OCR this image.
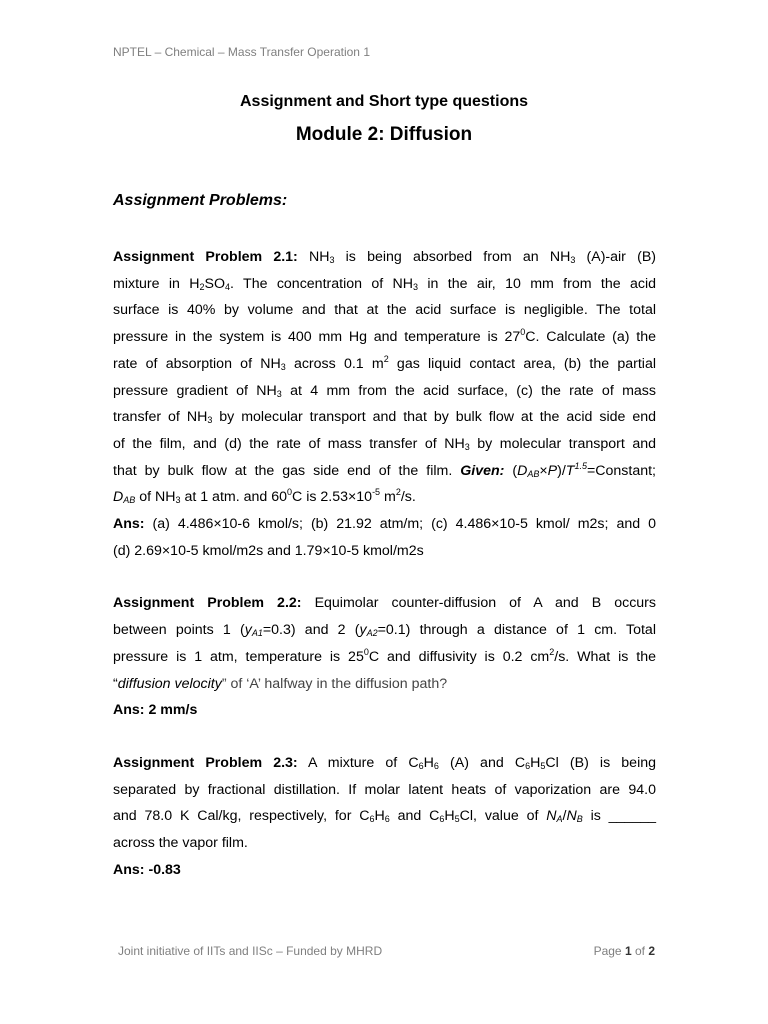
NPTEL – Chemical – Mass Transfer Operation 1
Assignment and Short type questions
Module 2: Diffusion
Assignment Problems:
Assignment Problem 2.1: $NH_3$ is being absorbed from an $NH_3$ (A)-air (B)
mixture in $H_2SO_4$. The concentration of $NH_3$ in the air, 10 mm from the acid
surface is 40% by volume and that at the acid surface is negligible. The total
pressure in the system is 400 mm Hg and temperature is $27^0C$. Calculate (a) the
rate of absorption of $NH_3$ across 0.1 $m^2$ gas liquid contact area, (b) the partial
pressure gradient of $NH_3$ at 4 mm from the acid surface, (c) the rate of mass
transfer of $NH_3$ by molecular transport and that by bulk flow at the acid side end
of the film, and (d) the rate of mass transfer of $NH_3$ by molecular transport and
that by bulk flow at the gas side end of the film. Given: $(D_{AB}\times P)/T^{1.5}=Constant$;
$D_{AB}$ of $NH_3$ at 1 atm. and $60^0C$ is $2.53\times 10^{-5}$ $m^2/s$.
Ans: (a) 4.486×10-6 kmol/s; (b) 21.92 atm/m; (c) 4.486×10-5 kmol/ m2s; and 0
(d) 2.69×10-5 kmol/m2s and 1.79×10-5 kmol/m2s
Assignment Problem 2.2: Equimolar counter-diffusion of A and B occurs
between points 1 $(y_{A1}=0.3)$ and 2 $(y_{A2}=0.1)$ through a distance of 1 cm. Total
pressure is 1 atm, temperature is $25^0C$ and diffusivity is 0.2 $cm^2/s$. What is the
“diffusion velocity” of ‘A’ halfway in the diffusion path?
Ans: 2 mm/s
Assignment Problem 2.3: A mixture of $C_6H_6$ (A) and $C_6H_5Cl$ (B) is being
separated by fractional distillation. If molar latent heats of vaporization are 94.0
and 78.0 K Cal/kg, respectively, for $C_6H_6$ and $C_6H_5Cl$, value of $N_A/N_B$ is ______
across the vapor film.
Ans: -0.83
Joint initiative of IITs and IISc – Funded by MHRD	Page 1 of 2
